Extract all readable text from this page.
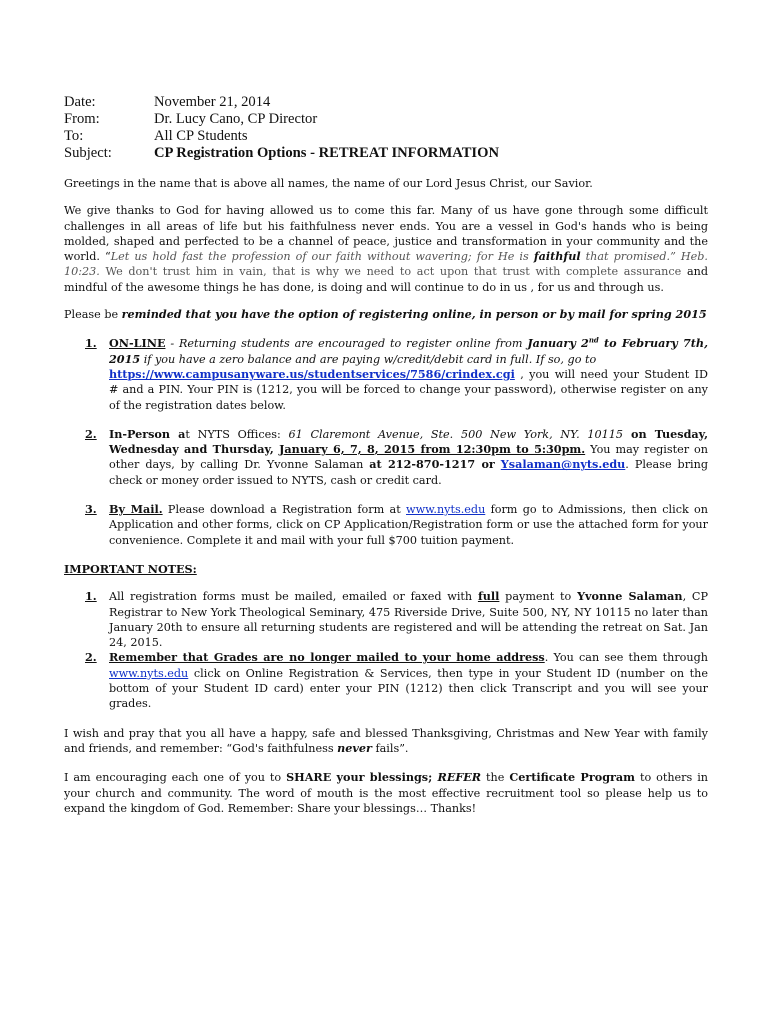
Date:	November 21, 2014
From:	Dr. Lucy Cano, CP Director
To:	All CP Students
Subject:	CP Registration Options - RETREAT INFORMATION

Greetings in the name that is above all names, the name of our Lord Jesus Christ, our Savior.

We give thanks to God for having allowed us to come this far. Many of us have gone through some difficult challenges in all areas of life but his faithfulness never ends. You are a vessel in God's hands who is being molded, shaped and perfected to be a channel of peace, justice and transformation in your community and the world. “Let us hold fast the profession of our faith without wavering; for He is faithful that promised.” Heb. 10:23. We don't trust him in vain, that is why we need to act upon that trust with complete assurance and mindful of the awesome things he has done, is doing and will continue to do in us , for us and through us.

Please be reminded that you have the option of registering online, in person or by mail for spring 2015

1.	ON-LINE - Returning students are encouraged to register online from January 2nd to February 7th, 2015 if you have a zero balance and are paying w/credit/debit card in full. If so, go to
https://www.campusanyware.us/studentservices/7586/crindex.cgi , you will need your Student ID # and a PIN. Your PIN is (1212, you will be forced to change your password), otherwise register on any of the registration dates below.
2.	In-Person at NYTS Offices: 61 Claremont Avenue, Ste. 500 New York, NY. 10115 on Tuesday, Wednesday and Thursday, January 6, 7, 8, 2015 from 12:30pm to 5:30pm. You may register on other days, by calling Dr. Yvonne Salaman at 212-870-1217 or Ysalaman@nyts.edu. Please bring check or money order issued to NYTS, cash or credit card.
3.	By Mail. Please download a Registration form at www.nyts.edu form go to Admissions, then click on Application and other forms, click on CP Application/Registration form or use the attached form for your convenience. Complete it and mail with your full $700 tuition payment.

IMPORTANT NOTES:

1.	All registration forms must be mailed, emailed or faxed with full payment to Yvonne Salaman, CP Registrar to New York Theological Seminary, 475 Riverside Drive, Suite 500, NY, NY 10115 no later than January 20th to ensure all returning students are registered and will be attending the retreat on Sat. Jan 24, 2015.
2.	Remember that Grades are no longer mailed to your home address. You can see them through www.nyts.edu click on Online Registration & Services, then type in your Student ID (number on the bottom of your Student ID card) enter your PIN (1212) then click Transcript and you will see your grades.

I wish and pray that you all have a happy, safe and blessed Thanksgiving, Christmas and New Year with family and friends, and remember: “God's faithfulness never fails”.

I am encouraging each one of you to SHARE your blessings; REFER the Certificate Program to others in your church and community. The word of mouth is the most effective recruitment tool so please help us to expand the kingdom of God. Remember: Share your blessings… Thanks!
